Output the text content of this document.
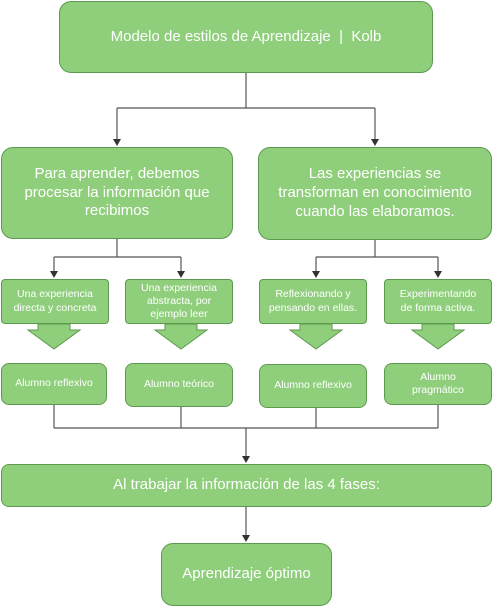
Modelo de estilos de Aprendizaje  |  Kolb
Para aprender, debemos procesar la información que recibimos
Las experiencias se transforman en conocimiento cuando las elaboramos.
Una experiencia directa y concreta
Una experiencia abstracta, por ejemplo leer
Reflexionando y pensando en ellas.
Experimentando de forma activa.
Alumno reflexivo	Alumno teórico	Alumno reflexivo
Alumno pragmático
Al trabajar la información de las 4 fases:
Aprendizaje óptimo
